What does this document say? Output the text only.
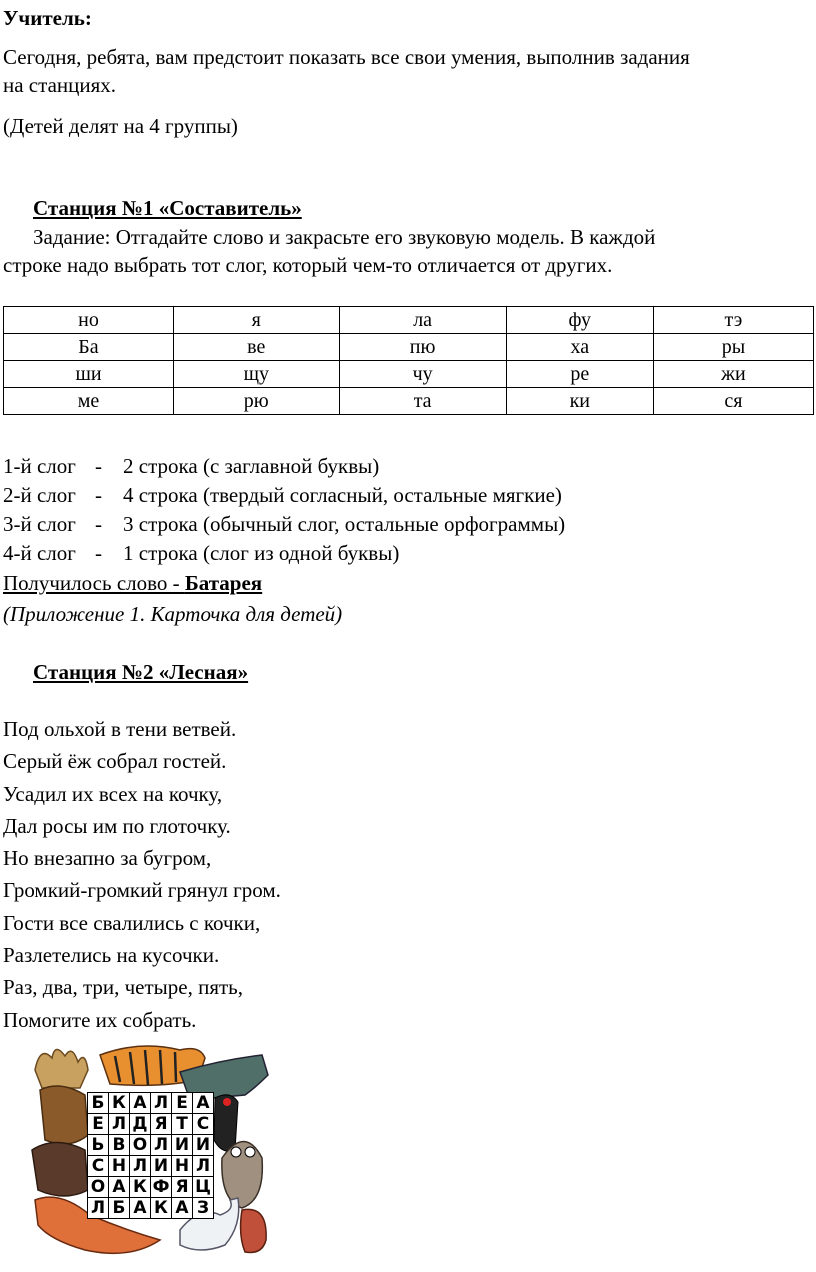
Учитель:
Сегодня, ребята, вам предстоит показать все свои умения, выполнив задания
на станциях.
(Детей делят на 4 группы)
Станция №1 «Составитель»
Задание: Отгадайте слово и закрасьте его звуковую модель. В каждой
строке надо выбрать тот слог, который чем-то отличается от других.
но	я	ла	фу	тэ
Ба	ве	пю	ха	ры
ши	щу	чу	ре	жи
ме	рю	та	ки	ся
1-й слог - 2 строка (с заглавной буквы)
2-й слог - 4 строка (твердый согласный, остальные мягкие)
3-й слог - 3 строка (обычный слог, остальные орфограммы)
4-й слог - 1 строка (слог из одной буквы)
Получилось слово - Батарея
(Приложение 1. Карточка для детей)
Станция №2 «Лесная»
Под ольхой в тени ветвей.
Серый ёж собрал гостей.
Усадил их всех на кочку,
Дал росы им по глоточку.
Но внезапно за бугром,
Громкий-громкий грянул гром.
Гости все свалились с кочки,
Разлетелись на кусочки.
Раз, два, три, четыре, пять,
Помогите их собрать.
Б	К	А	Л	Е	А
Е	Л	Д	Я	Т	С
Ь	В	О	Л	И	И
С	Н	Л	И	Н	Л
О	А	К	Ф	Я	Ц
Л	Б	А	К	А	З
